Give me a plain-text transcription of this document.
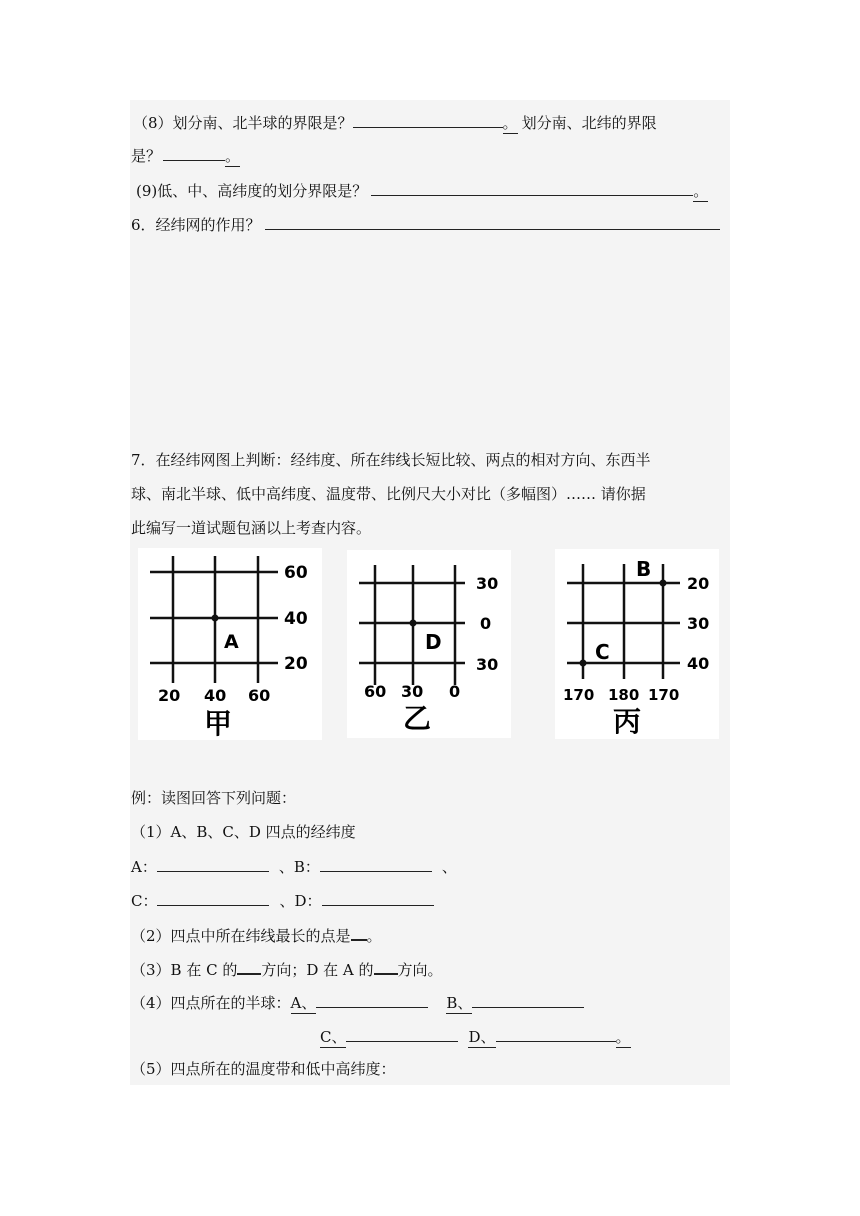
（8）划分南、北半球的界限是？	。 划分南、北纬的界限
是？	。
(9)低、中、高纬度的划分界限是？	。
6．经纬网的作用？
7．在经纬网图上判断：经纬度、所在纬线长短比较、两点的相对方向、东西半
球、南北半球、低中高纬度、温度带、比例尺大小对比（多幅图）…… 请你据
此编写一道试题包涵以上考查内容。
60
40
20
20 40 60
A
甲
30
0
30
60 30 0
D
乙
20
30
40
170 180 170
B
C
丙
例：读图回答下列问题：
（1）A、B、C、D 四点的经纬度
A：	、B：	、
C：	、D：
（2）四点中所在纬线最长的点是 。
（3）B 在 C 的 方向；D 在 A 的 方向。
（4）四点所在的半球：A、	B、
C、	D、	。
（5）四点所在的温度带和低中高纬度：
